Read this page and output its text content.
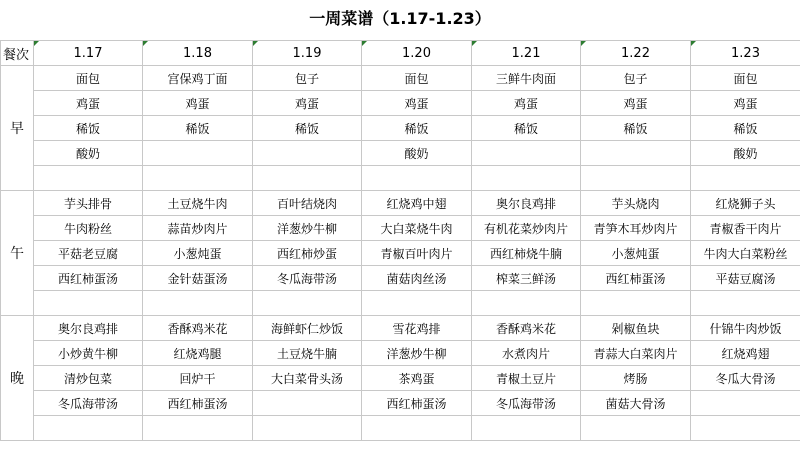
一周菜谱（1.17-1.23）
餐次	1.17	1.18	1.19	1.20	1.21	1.22	1.23
早	面包	宫保鸡丁面	包子	面包	三鲜牛肉面	包子	面包
	鸡蛋	鸡蛋	鸡蛋	鸡蛋	鸡蛋	鸡蛋	鸡蛋
	稀饭	稀饭	稀饭	稀饭	稀饭	稀饭	稀饭
	酸奶			酸奶			酸奶

午	芋头排骨	土豆烧牛肉	百叶结烧肉	红烧鸡中翅	奥尔良鸡排	芋头烧肉	红烧狮子头
	牛肉粉丝	蒜苗炒肉片	洋葱炒牛柳	大白菜烧牛肉	有机花菜炒肉片	青笋木耳炒肉片	青椒香干肉片
	平菇老豆腐	小葱炖蛋	西红柿炒蛋	青椒百叶肉片	西红柿烧牛腩	小葱炖蛋	牛肉大白菜粉丝
	西红柿蛋汤	金针菇蛋汤	冬瓜海带汤	菌菇肉丝汤	榨菜三鲜汤	西红柿蛋汤	平菇豆腐汤

晚	奥尔良鸡排	香酥鸡米花	海鲜虾仁炒饭	雪花鸡排	香酥鸡米花	剁椒鱼块	什锦牛肉炒饭
	小炒黄牛柳	红烧鸡腿	土豆烧牛腩	洋葱炒牛柳	水煮肉片	青蒜大白菜肉片	红烧鸡翅
	清炒包菜	回炉干	大白菜骨头汤	茶鸡蛋	青椒土豆片	烤肠	冬瓜大骨汤
	冬瓜海带汤	西红柿蛋汤		西红柿蛋汤	冬瓜海带汤	菌菇大骨汤	
